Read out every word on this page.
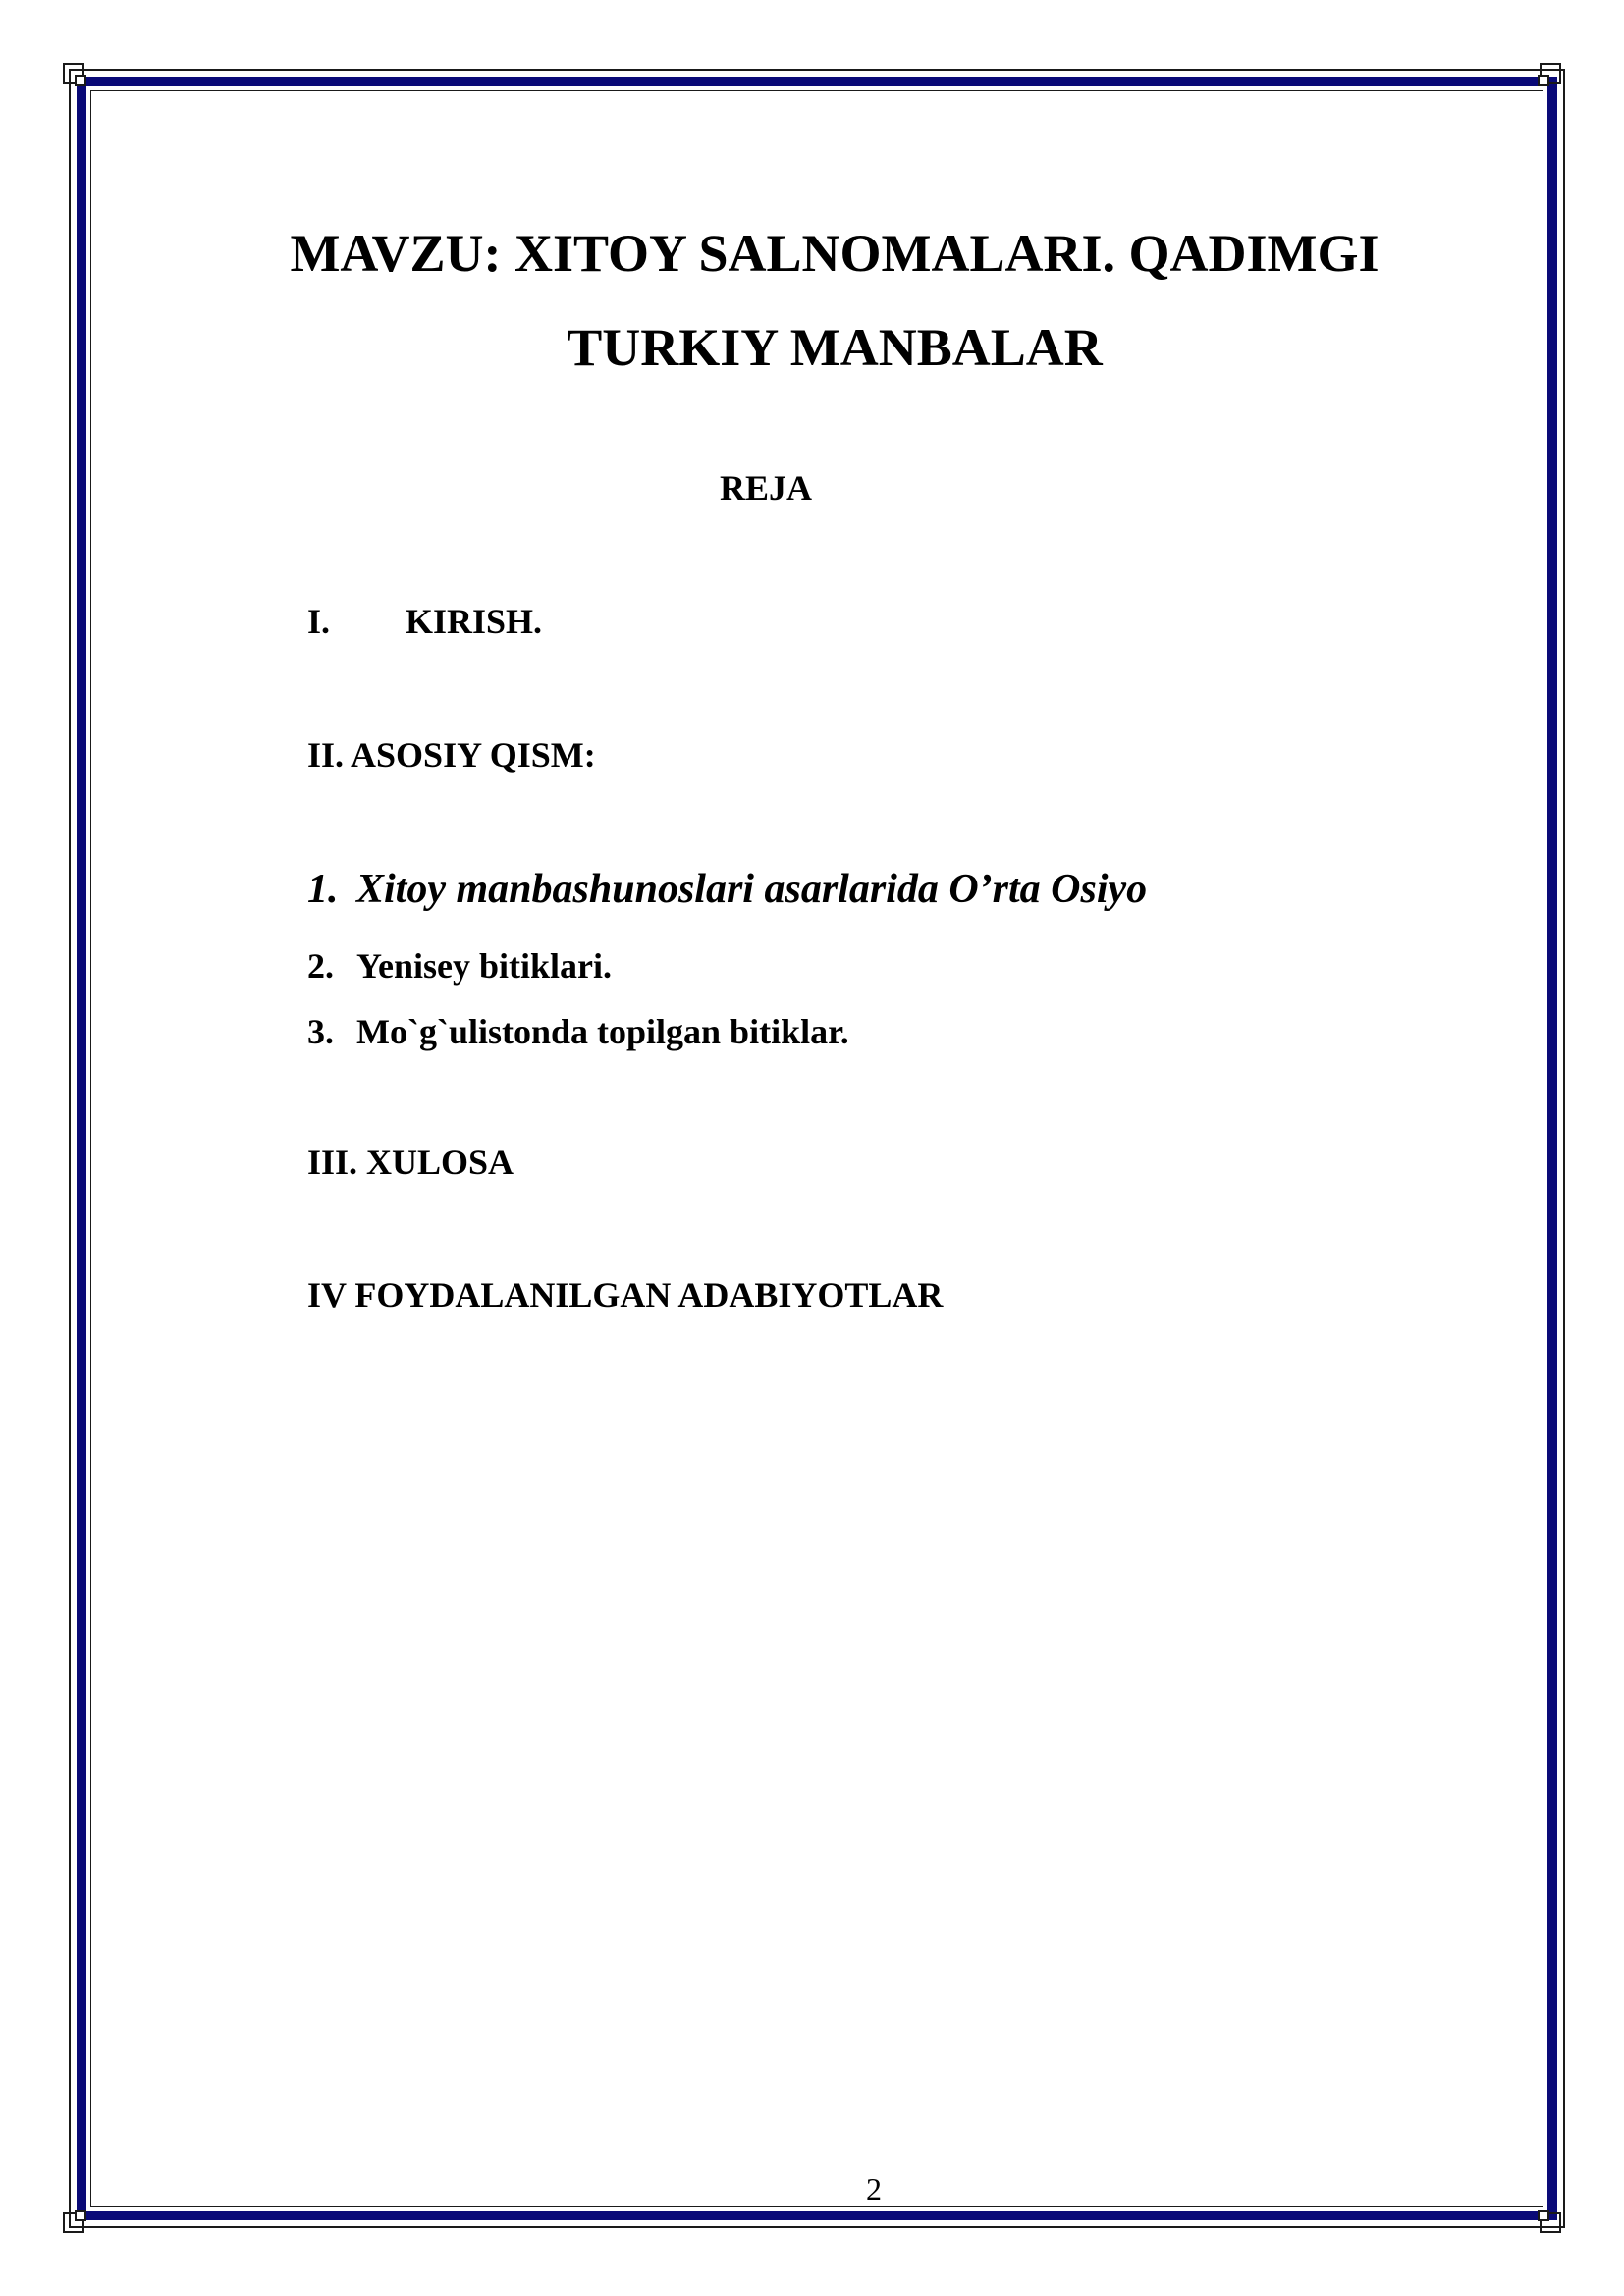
MAVZU: XITOY SALNOMALARI. QADIMGI
TURKIY MANBALAR

REJA

I. KIRISH.

II. ASOSIY QISM:

1. Xitoy manbashunoslari asarlarida O’rta Osiyo

2. Yenisey bitiklari.

3. Mo`g`ulistonda topilgan bitiklar.

III. XULOSA

IV FOYDALANILGAN ADABIYOTLAR

2
